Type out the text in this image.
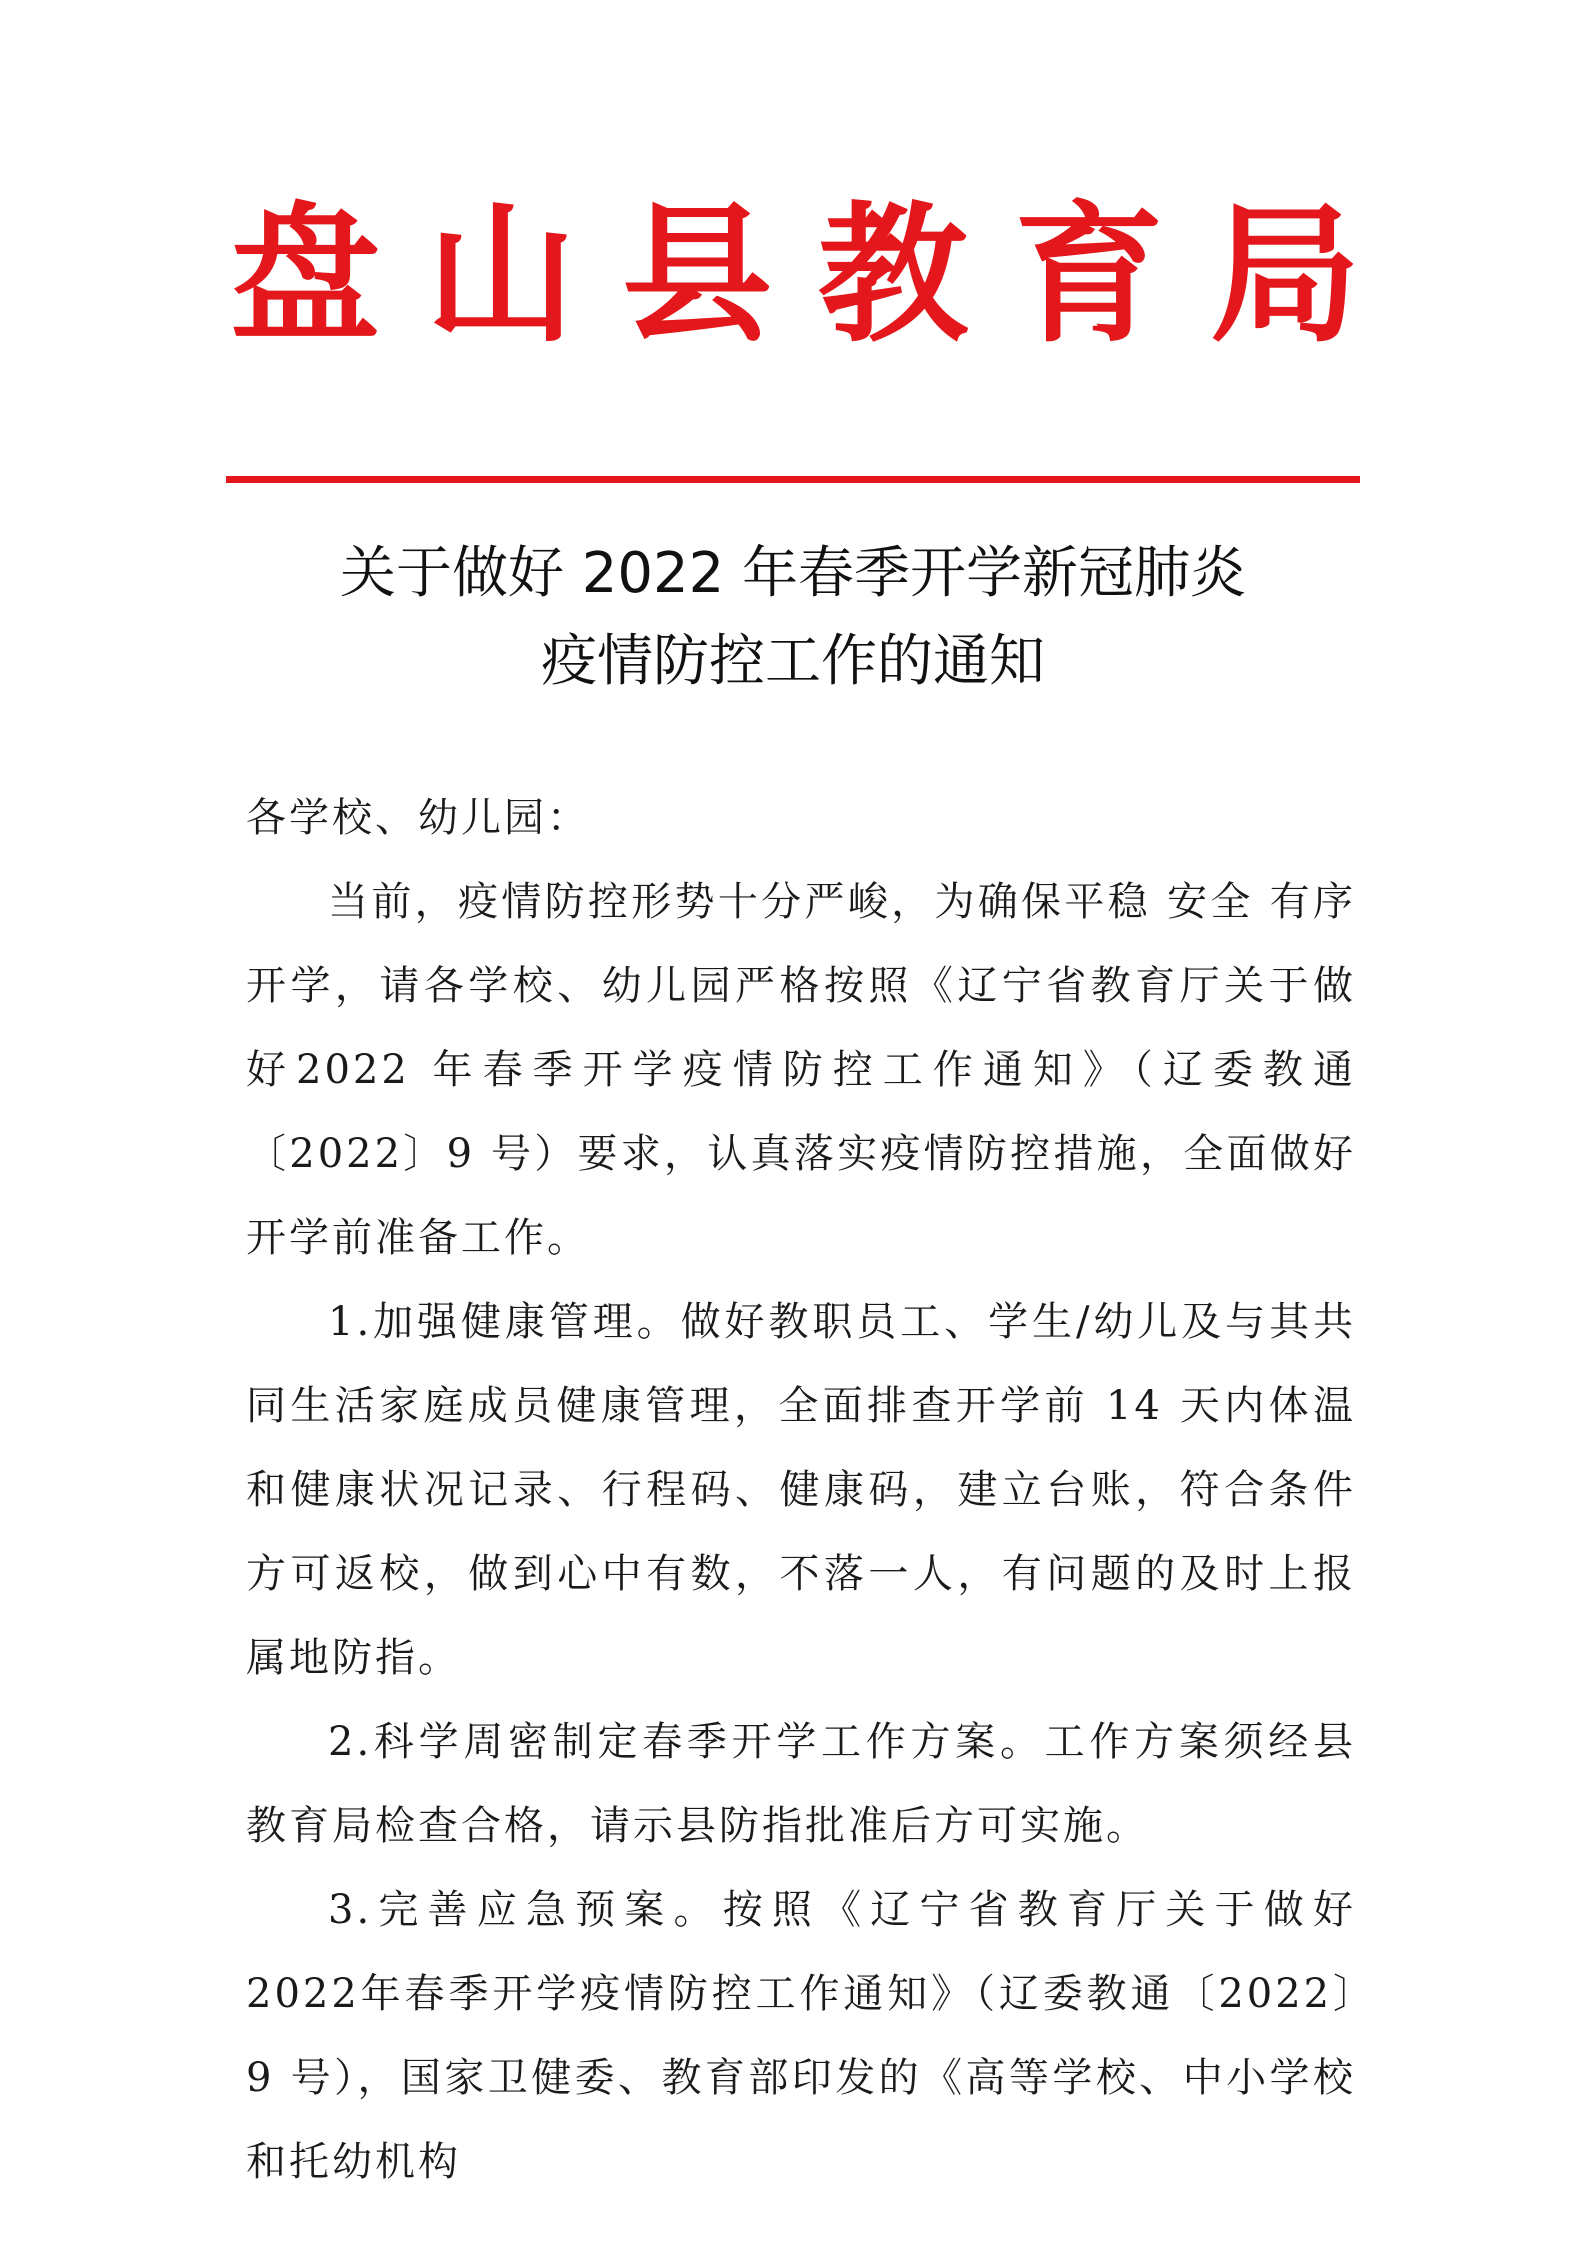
盘 山 县 教 育 局
关于做好 2022 年春季开学新冠肺炎
疫情防控工作的通知

各学校、幼儿园：

当前，疫情防控形势十分严峻，为确保平稳 安全 有序开学，请各学校、幼儿园严格按照《辽宁省教育厅关于做好2022 年春季开学疫情防控工作通知》（辽委教通〔2022〕9 号）要求，认真落实疫情防控措施，全面做好开学前准备工作。

1.加强健康管理。做好教职员工、学生/幼儿及与其共同生活家庭成员健康管理，全面排查开学前 14 天内体温和健康状况记录、行程码、健康码，建立台账，符合条件方可返校，做到心中有数，不落一人，有问题的及时上报属地防指。

2.科学周密制定春季开学工作方案。工作方案须经县教育局检查合格，请示县防指批准后方可实施。

3.完善应急预案。按照《辽宁省教育厅关于做好 2022年春季开学疫情防控工作通知》（辽委教通〔2022〕9 号），国家卫健委、教育部印发的《高等学校、中小学校和托幼机构
